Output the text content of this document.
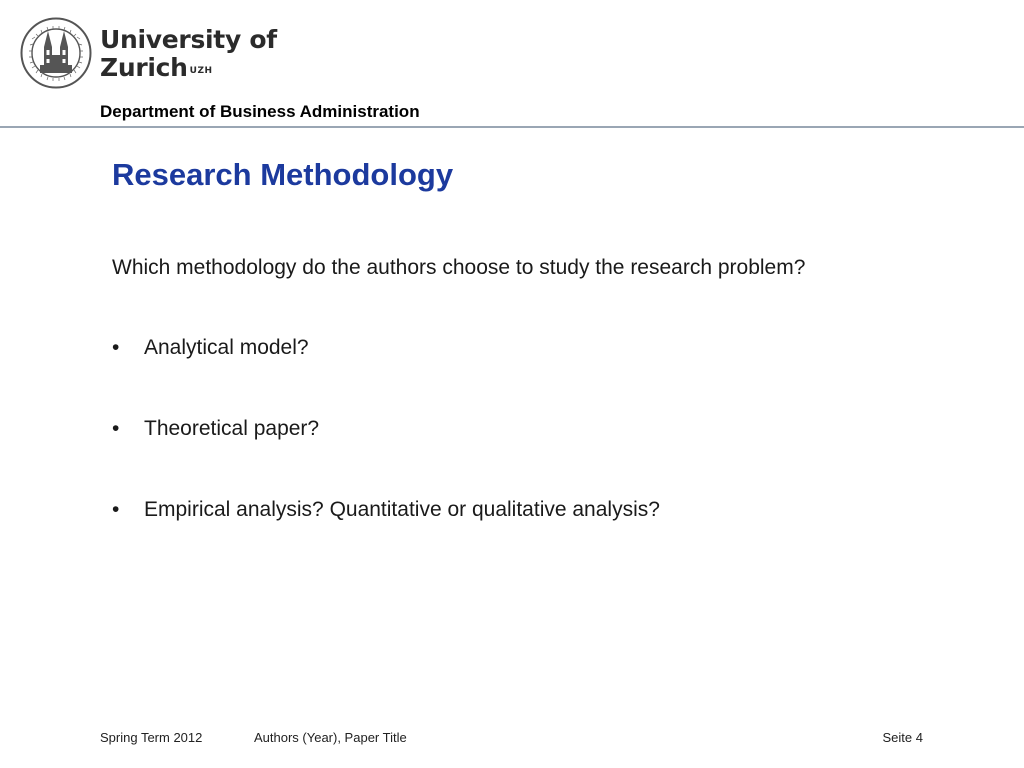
University of
Zurich $^{UZH}$
Department of Business Administration
Research Methodology
Which methodology do the authors choose to study the research problem?
• Analytical model?
• Theoretical paper?
• Empirical analysis? Quantitative or qualitative analysis?
Spring Term 2012	Authors (Year), Paper Title	Seite 4
